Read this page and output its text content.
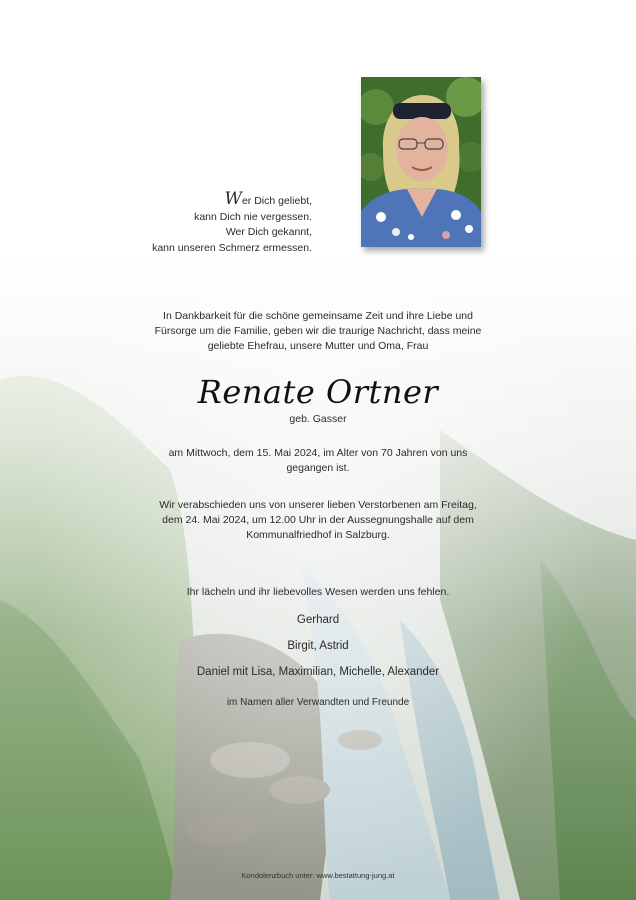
Wer Dich geliebt,
kann Dich nie vergessen.
Wer Dich gekannt,
kann unseren Schmerz ermessen.
In Dankbarkeit für die schöne gemeinsame Zeit und ihre Liebe und
Fürsorge um die Familie, geben wir die traurige Nachricht, dass meine
geliebte Ehefrau, unsere Mutter und Oma, Frau
Renate Ortner
geb. Gasser
am Mittwoch, dem 15. Mai 2024, im Alter von 70 Jahren von uns
gegangen ist.
Wir verabschieden uns von unserer lieben Verstorbenen am Freitag,
dem 24. Mai 2024, um 12.00 Uhr in der Aussegnungshalle auf dem
Kommunalfriedhof in Salzburg.
Ihr lächeln und ihr liebevolles Wesen werden uns fehlen.
Gerhard
Birgit, Astrid
Daniel mit Lisa, Maximilian, Michelle, Alexander
im Namen aller Verwandten und Freunde
Kondolenzbuch unter: www.bestattung-jung.at
